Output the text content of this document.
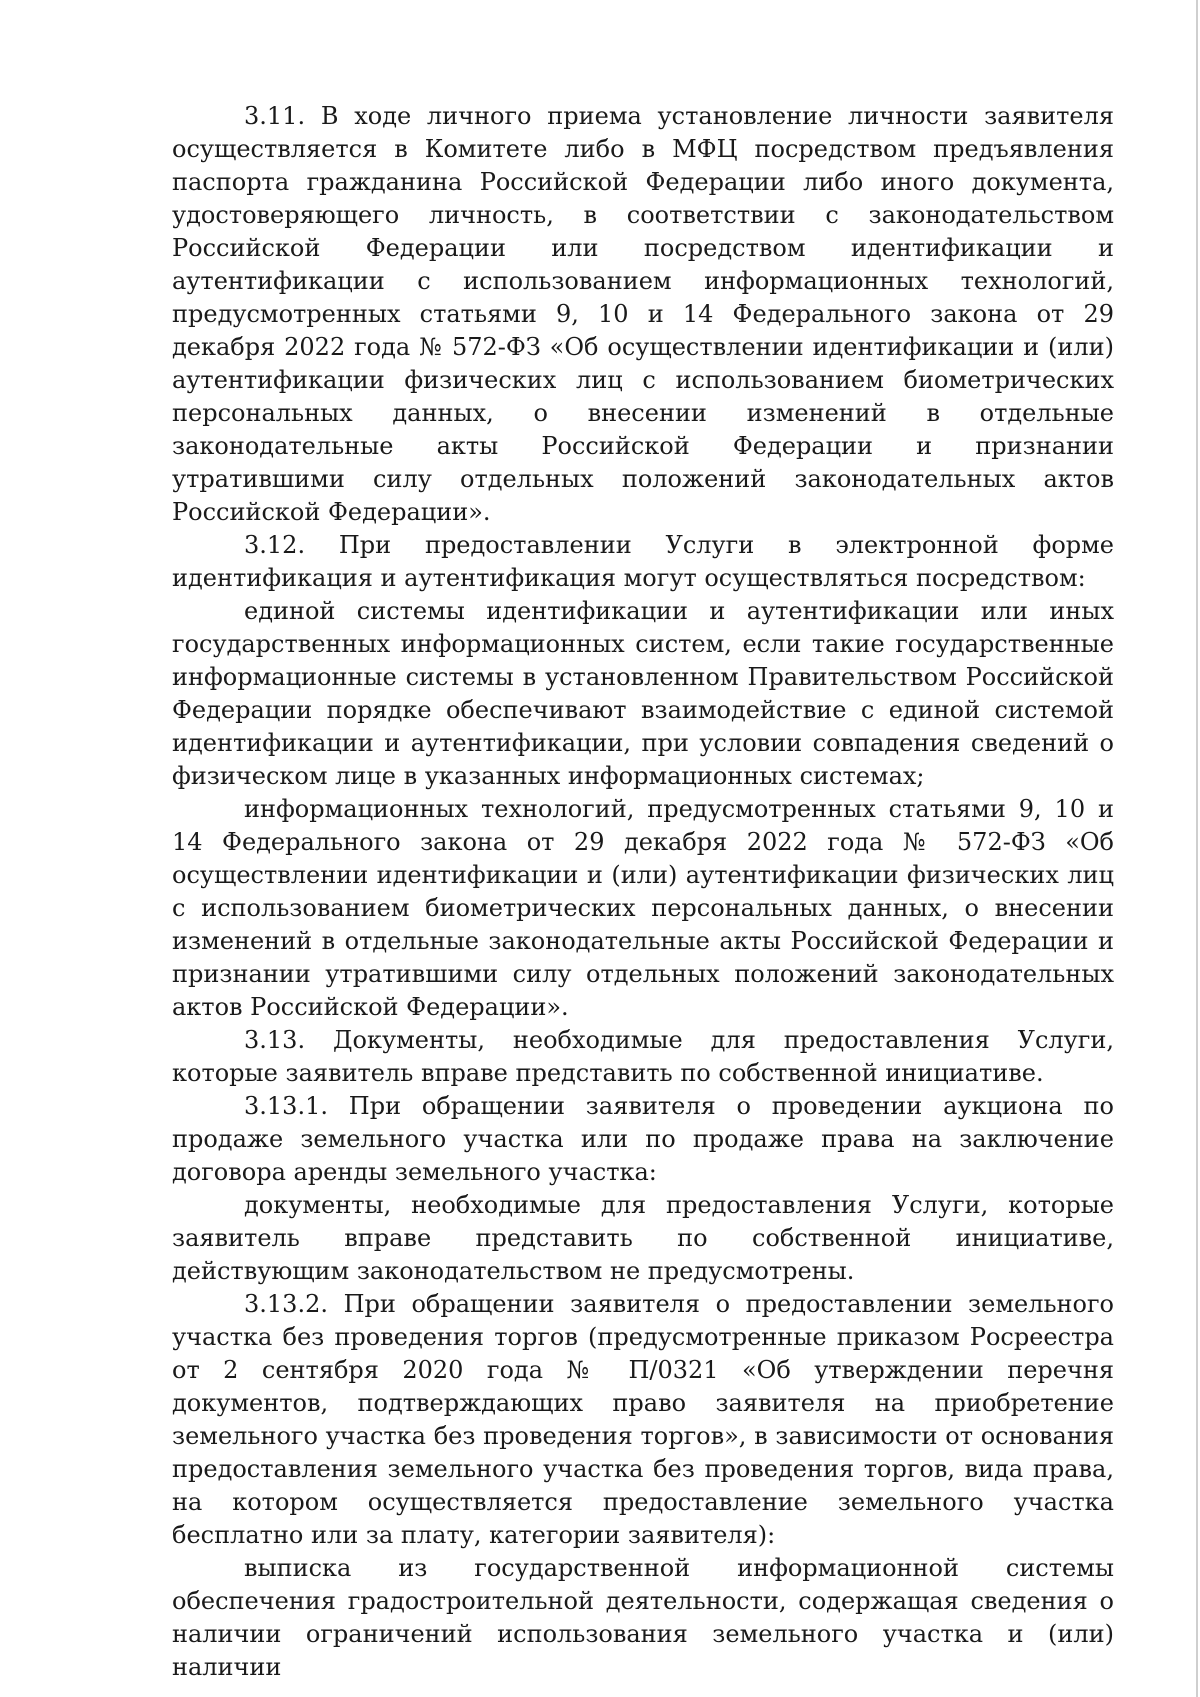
3.11. В ходе личного приема установление личности заявителя осуществляется в Комитете либо в МФЦ посредством предъявления паспорта гражданина Российской Федерации либо иного документа, удостоверяющего личность, в соответствии с законодательством Российской Федерации или посредством идентификации и аутентификации с использованием информационных технологий, предусмотренных статьями 9, 10 и 14 Федерального закона от 29 декабря 2022 года № 572-ФЗ «Об осуществлении идентификации и (или) аутентификации физических лиц с использованием биометрических персональных данных, о внесении изменений в отдельные законодательные акты Российской Федерации и признании утратившими силу отдельных положений законодательных актов Российской Федерации».

3.12. При предоставлении Услуги в электронной форме идентификация и аутентификация могут осуществляться посредством:

единой системы идентификации и аутентификации или иных государственных информационных систем, если такие государственные информационные системы в установленном Правительством Российской Федерации порядке обеспечивают взаимодействие с единой системой идентификации и аутентификации, при условии совпадения сведений о физическом лице в указанных информационных системах;

информационных технологий, предусмотренных статьями 9, 10 и 14 Федерального закона от 29 декабря 2022 года № 572-ФЗ «Об осуществлении идентификации и (или) аутентификации физических лиц с использованием биометрических персональных данных, о внесении изменений в отдельные законодательные акты Российской Федерации и признании утратившими силу отдельных положений законодательных актов Российской Федерации».

3.13. Документы, необходимые для предоставления Услуги, которые заявитель вправе представить по собственной инициативе.

3.13.1. При обращении заявителя о проведении аукциона по продаже земельного участка или по продаже права на заключение договора аренды земельного участка:

документы, необходимые для предоставления Услуги, которые заявитель вправе представить по собственной инициативе, действующим законодательством не предусмотрены.

3.13.2. При обращении заявителя о предоставлении земельного участка без проведения торгов (предусмотренные приказом Росреестра от 2 сентября 2020 года № П/0321 «Об утверждении перечня документов, подтверждающих право заявителя на приобретение земельного участка без проведения торгов», в зависимости от основания предоставления земельного участка без проведения торгов, вида права, на котором осуществляется предоставление земельного участка бесплатно или за плату, категории заявителя):

выписка из государственной информационной системы обеспечения градостроительной деятельности, содержащая сведения о наличии ограничений использования земельного участка и (или) наличии
